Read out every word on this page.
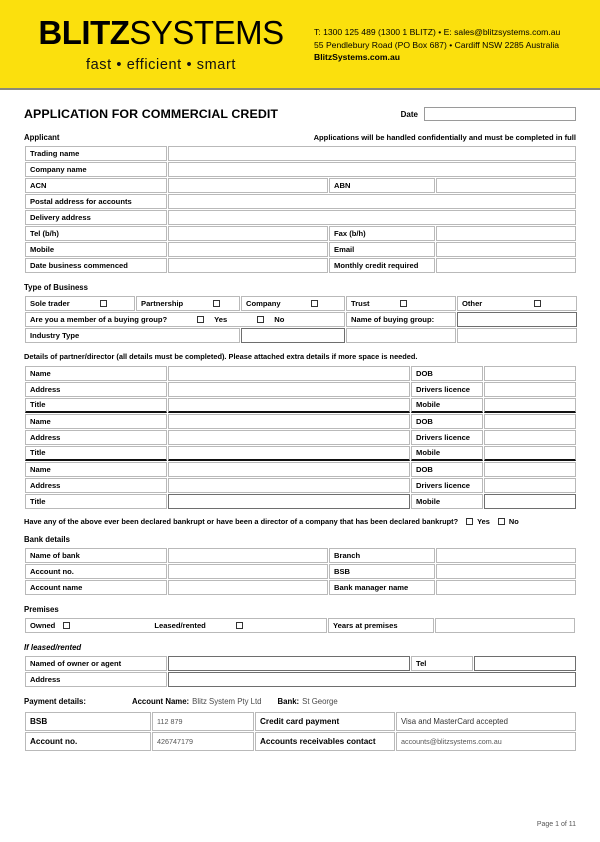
BLITZSYSTEMS
fast • efficient • smart
T: 1300 125 489 (1300 1 BLITZ) • E: sales@blitzsystems.com.au
55 Pendlebury Road (PO Box 687) • Cardiff NSW 2285 Australia
BlitzSystems.com.au
APPLICATION FOR COMMERCIAL CREDIT	Date
Applicant	Applications will be handled confidentially and must be completed in full
Trading name			
Company name			
ACN		ABN	
Postal address for accounts			
Delivery address			
Tel (b/h)		Fax (b/h)	
Mobile		Email	
Date business commenced		Monthly credit required	
Type of Business
Sole trader	Partnership	Company	Trust	Other

Are you a member of a buying group? Yes No			Name of buying group:	
Industry Type				
Details of partner/director (all details must be completed). Please attached extra details if more space is needed.
Name		DOB	
Address		Drivers licence	
Title		Mobile	
Name		DOB	
Address		Drivers licence	
Title		Mobile	
Name		DOB	
Address		Drivers licence	
Title		Mobile	
Have any of the above ever been declared bankrupt or have been a director of a company that has been declared bankrupt?	Yes	No
Bank details
Name of bank		Branch	
Account no.		BSB	
Account name		Bank manager name	
Premises
Owned	Leased/rented	Years at premises	
If leased/rented
Named of owner or agent		Tel	
Address			
Payment details:	Account Name: Blitz System Pty Ltd Bank: St George
BSB	112 879	Credit card payment	Visa and MasterCard accepted
Account no.	426747179	Accounts receivables contact	accounts@blitzsystems.com.au
Page 1 of 11
